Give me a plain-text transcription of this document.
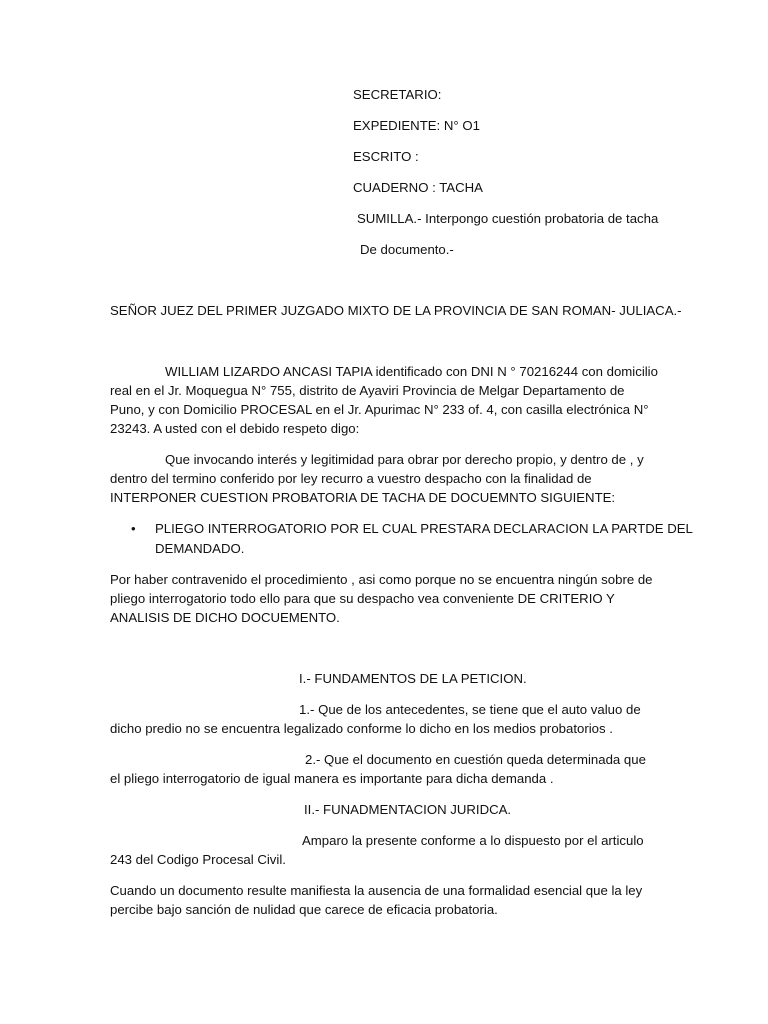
SECRETARIO:
EXPEDIENTE: N° O1
ESCRITO :
CUADERNO : TACHA
SUMILLA.- Interpongo cuestión probatoria de tacha
De documento.-
SEÑOR JUEZ DEL PRIMER JUZGADO MIXTO DE LA PROVINCIA DE SAN ROMAN- JULIACA.-
WILLIAM LIZARDO ANCASI TAPIA identificado con DNI N ° 70216244 con domicilio
real en el Jr. Moquegua N° 755, distrito de Ayaviri Provincia de Melgar Departamento de
Puno, y con Domicilio PROCESAL en el Jr. Apurimac N° 233 of. 4, con casilla electrónica N°
23243. A usted con el debido respeto digo:
Que invocando interés y legitimidad para obrar por derecho propio, y dentro de , y
dentro del termino conferido por ley recurro a vuestro despacho con la finalidad de
INTERPONER CUESTION PROBATORIA DE TACHA DE DOCUEMNTO SIGUIENTE:
• PLIEGO INTERROGATORIO POR EL CUAL PRESTARA DECLARACION LA PARTDE DEL
DEMANDADO.
Por haber contravenido el procedimiento , asi como porque no se encuentra ningún sobre de
pliego interrogatorio todo ello para que su despacho vea conveniente DE CRITERIO Y
ANALISIS DE DICHO DOCUEMENTO.
I.- FUNDAMENTOS DE LA PETICION.
1.- Que de los antecedentes, se tiene que el auto valuo de
dicho predio no se encuentra legalizado conforme lo dicho en los medios probatorios .
2.- Que el documento en cuestión queda determinada que
el pliego interrogatorio de igual manera es importante para dicha demanda .
II.- FUNADMENTACION JURIDCA.
Amparo la presente conforme a lo dispuesto por el articulo
243 del Codigo Procesal Civil.
Cuando un documento resulte manifiesta la ausencia de una formalidad esencial que la ley
percibe bajo sanción de nulidad que carece de eficacia probatoria.
